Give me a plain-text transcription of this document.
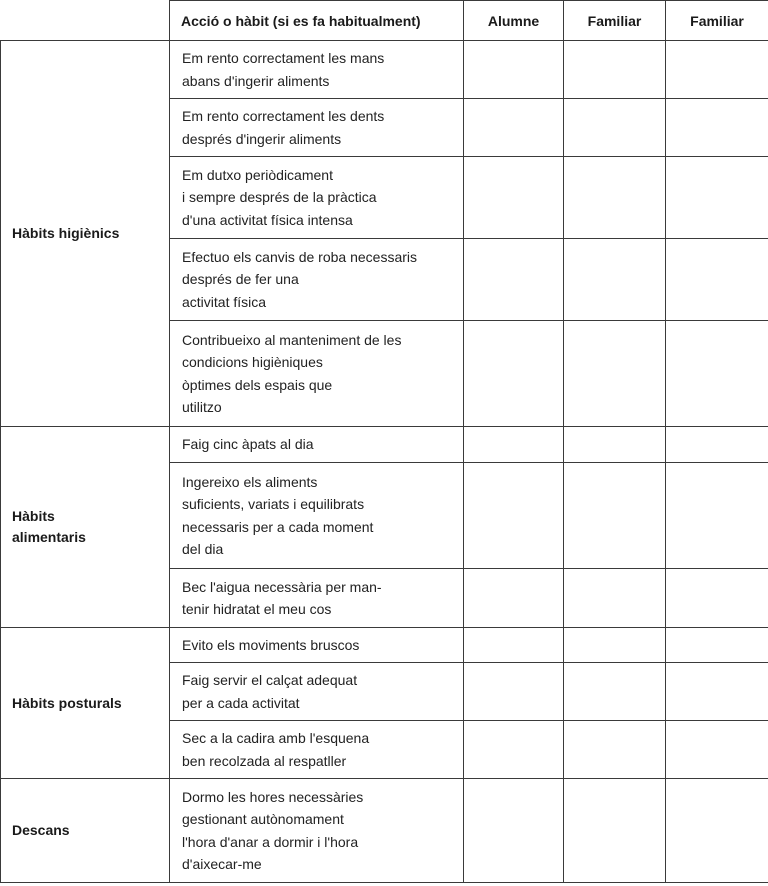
	Acció o hàbit (si es fa habitualment)	Alumne	Familiar	Familiar
Hàbits higiènics	Em rento correctament les mans
abans d'ingerir aliments			

	Em rento correctament les dents
després d'ingerir aliments			

	Em dutxo periòdicament
i sempre després de la pràctica
d'una activitat física intensa			

	Efectuo els canvis de roba necessaris
després de fer una
activitat física			

	Contribueixo al manteniment de les
condicions higièniques
òptimes dels espais que
utilitzo			

Hàbits
alimentaris	Faig cinc àpats al dia			

	Ingereixo els aliments
suficients, variats i equilibrats
necessaris per a cada moment
del dia			

	Bec l'aigua necessària per man-
tenir hidratat el meu cos			

Hàbits posturals	Evito els moviments bruscos			

	Faig servir el calçat adequat
per a cada activitat			

	Sec a la cadira amb l'esquena
ben recolzada al respatller			

Descans	Dormo les hores necessàries
gestionant autònomament
l'hora d'anar a dormir i l'hora
d'aixecar-me			
